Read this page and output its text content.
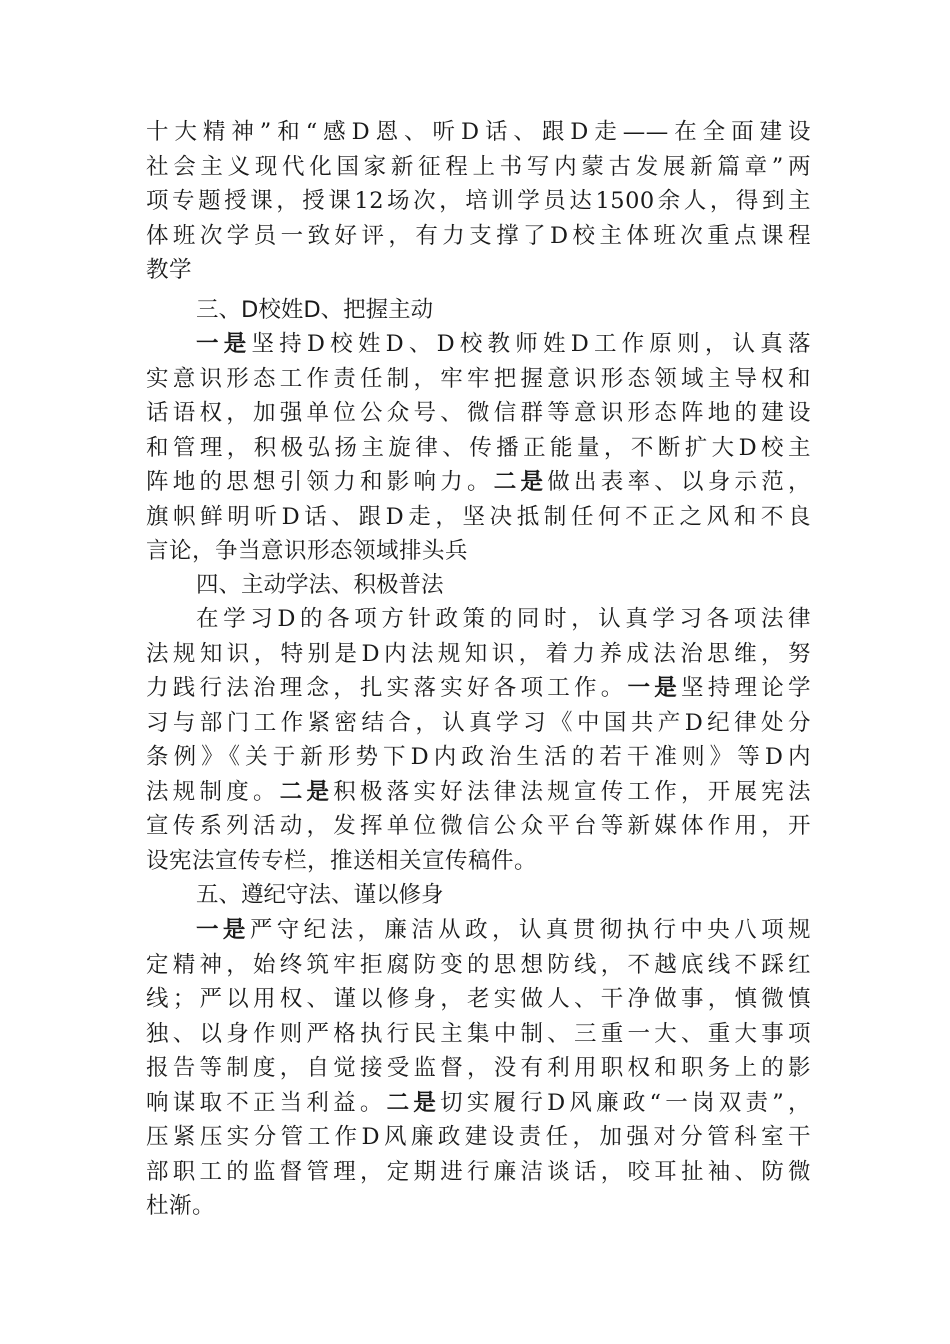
十大精神”和“感D恩、听D话、跟D走——在全面建设
社会主义现代化国家新征程上书写内蒙古发展新篇章”两
项专题授课，授课12场次，培训学员达1500余人，得到主
体班次学员一致好评，有力支撑了D校主体班次重点课程
教学
三、D校姓D、把握主动
一是坚持D校姓D、D校教师姓D工作原则，认真落
实意识形态工作责任制，牢牢把握意识形态领域主导权和
话语权，加强单位公众号、微信群等意识形态阵地的建设
和管理，积极弘扬主旋律、传播正能量，不断扩大D校主
阵地的思想引领力和影响力。二是做出表率、以身示范，
旗帜鲜明听D话、跟D走，坚决抵制任何不正之风和不良
言论，争当意识形态领域排头兵
四、主动学法、积极普法
在学习D的各项方针政策的同时，认真学习各项法律
法规知识，特别是D内法规知识，着力养成法治思维，努
力践行法治理念，扎实落实好各项工作。一是坚持理论学
习与部门工作紧密结合，认真学习《中国共产D纪律处分
条例》《关于新形势下D内政治生活的若干准则》等D内
法规制度。二是积极落实好法律法规宣传工作，开展宪法
宣传系列活动，发挥单位微信公众平台等新媒体作用，开
设宪法宣传专栏，推送相关宣传稿件。
五、遵纪守法、谨以修身
一是严守纪法，廉洁从政，认真贯彻执行中央八项规
定精神，始终筑牢拒腐防变的思想防线，不越底线不踩红
线；严以用权、谨以修身，老实做人、干净做事，慎微慎
独、以身作则严格执行民主集中制、三重一大、重大事项
报告等制度，自觉接受监督，没有利用职权和职务上的影
响谋取不正当利益。二是切实履行D风廉政“一岗双责”，
压紧压实分管工作D风廉政建设责任，加强对分管科室干
部职工的监督管理，定期进行廉洁谈话，咬耳扯袖、防微
杜渐。
